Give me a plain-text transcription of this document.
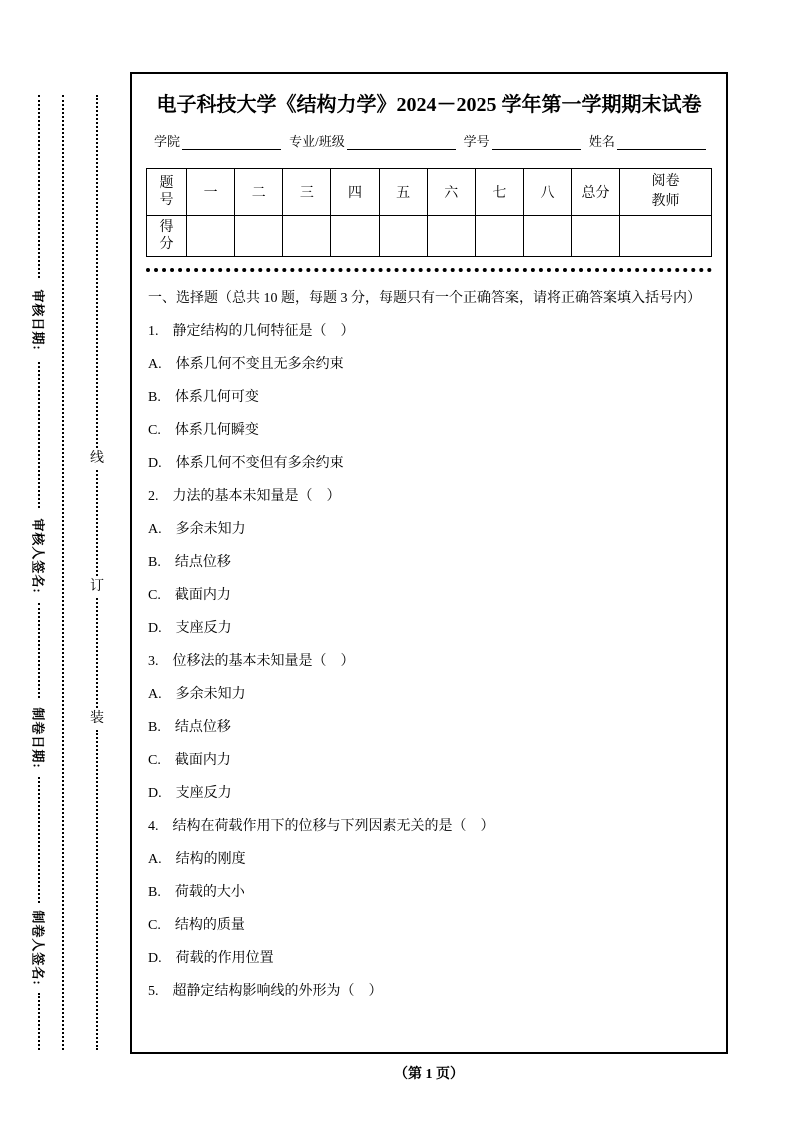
审核日期:
审核人签名:
制卷日期:
制卷人签名:
线
订
装
电子科技大学《结构力学》2024－2025 学年第一学期期末试卷
学院	专业/班级	学号	姓名
题号	一	二	三	四	五	六	七	八	总分	阅卷教师
得分										

一、选择题（总共 10 题，每题 3 分，每题只有一个正确答案，请将正确答案填入括号内）

1.　静定结构的几何特征是（　）

A.　体系几何不变且无多余约束

B.　体系几何可变

C.　体系几何瞬变

D.　体系几何不变但有多余约束

2.　力法的基本未知量是（　）

A.　多余未知力

B.　结点位移

C.　截面内力

D.　支座反力

3.　位移法的基本未知量是（　）

A.　多余未知力

B.　结点位移

C.　截面内力

D.　支座反力

4.　结构在荷载作用下的位移与下列因素无关的是（　）

A.　结构的刚度

B.　荷载的大小

C.　结构的质量

D.　荷载的作用位置

5.　超静定结构影响线的外形为（　）

（第 1 页）
